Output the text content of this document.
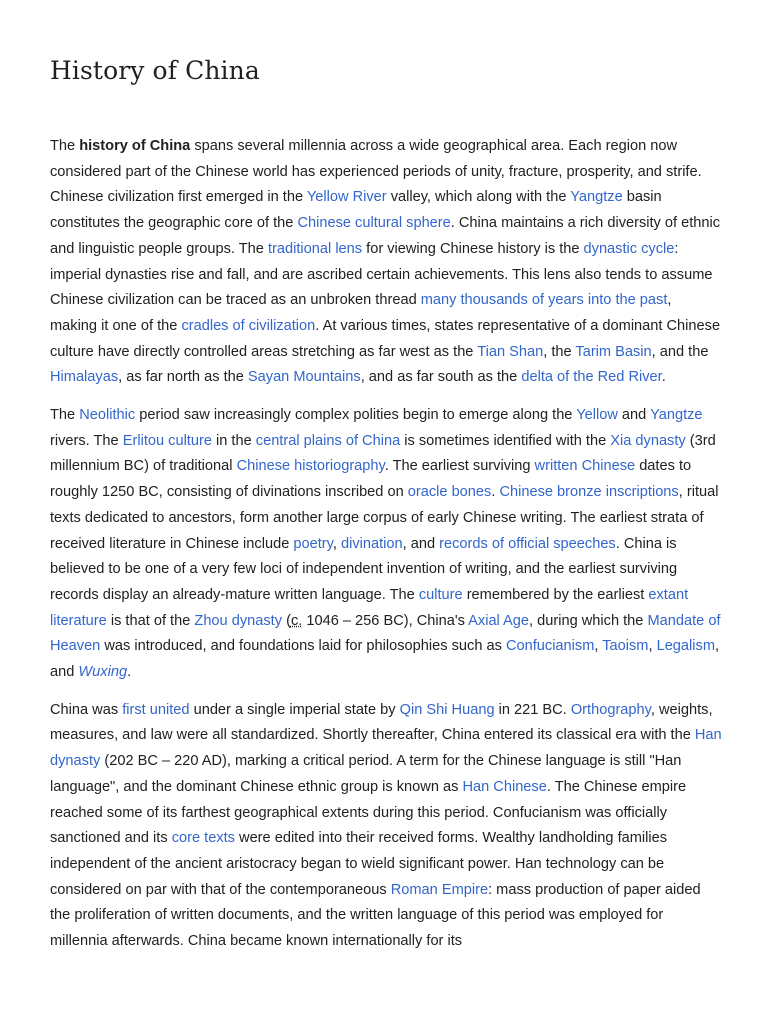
History of China

The history of China spans several millennia across a wide geographical area. Each region now considered part of the Chinese world has experienced periods of unity, fracture, prosperity, and strife. Chinese civilization first emerged in the Yellow River valley, which along with the Yangtze basin constitutes the geographic core of the Chinese cultural sphere. China maintains a rich diversity of ethnic and linguistic people groups. The traditional lens for viewing Chinese history is the dynastic cycle: imperial dynasties rise and fall, and are ascribed certain achievements. This lens also tends to assume Chinese civilization can be traced as an unbroken thread many thousands of years into the past, making it one of the cradles of civilization. At various times, states representative of a dominant Chinese culture have directly controlled areas stretching as far west as the Tian Shan, the Tarim Basin, and the Himalayas, as far north as the Sayan Mountains, and as far south as the delta of the Red River.

The Neolithic period saw increasingly complex polities begin to emerge along the Yellow and Yangtze rivers. The Erlitou culture in the central plains of China is sometimes identified with the Xia dynasty (3rd millennium BC) of traditional Chinese historiography. The earliest surviving written Chinese dates to roughly 1250 BC, consisting of divinations inscribed on oracle bones. Chinese bronze inscriptions, ritual texts dedicated to ancestors, form another large corpus of early Chinese writing. The earliest strata of received literature in Chinese include poetry, divination, and records of official speeches. China is believed to be one of a very few loci of independent invention of writing, and the earliest surviving records display an already-mature written language. The culture remembered by the earliest extant literature is that of the Zhou dynasty (c. 1046 – 256 BC), China's Axial Age, during which the Mandate of Heaven was introduced, and foundations laid for philosophies such as Confucianism, Taoism, Legalism, and Wuxing.

China was first united under a single imperial state by Qin Shi Huang in 221 BC. Orthography, weights, measures, and law were all standardized. Shortly thereafter, China entered its classical era with the Han dynasty (202 BC – 220 AD), marking a critical period. A term for the Chinese language is still "Han language", and the dominant Chinese ethnic group is known as Han Chinese. The Chinese empire reached some of its farthest geographical extents during this period. Confucianism was officially sanctioned and its core texts were edited into their received forms. Wealthy landholding families independent of the ancient aristocracy began to wield significant power. Han technology can be considered on par with that of the contemporaneous Roman Empire: mass production of paper aided the proliferation of written documents, and the written language of this period was employed for millennia afterwards. China became known internationally for its
